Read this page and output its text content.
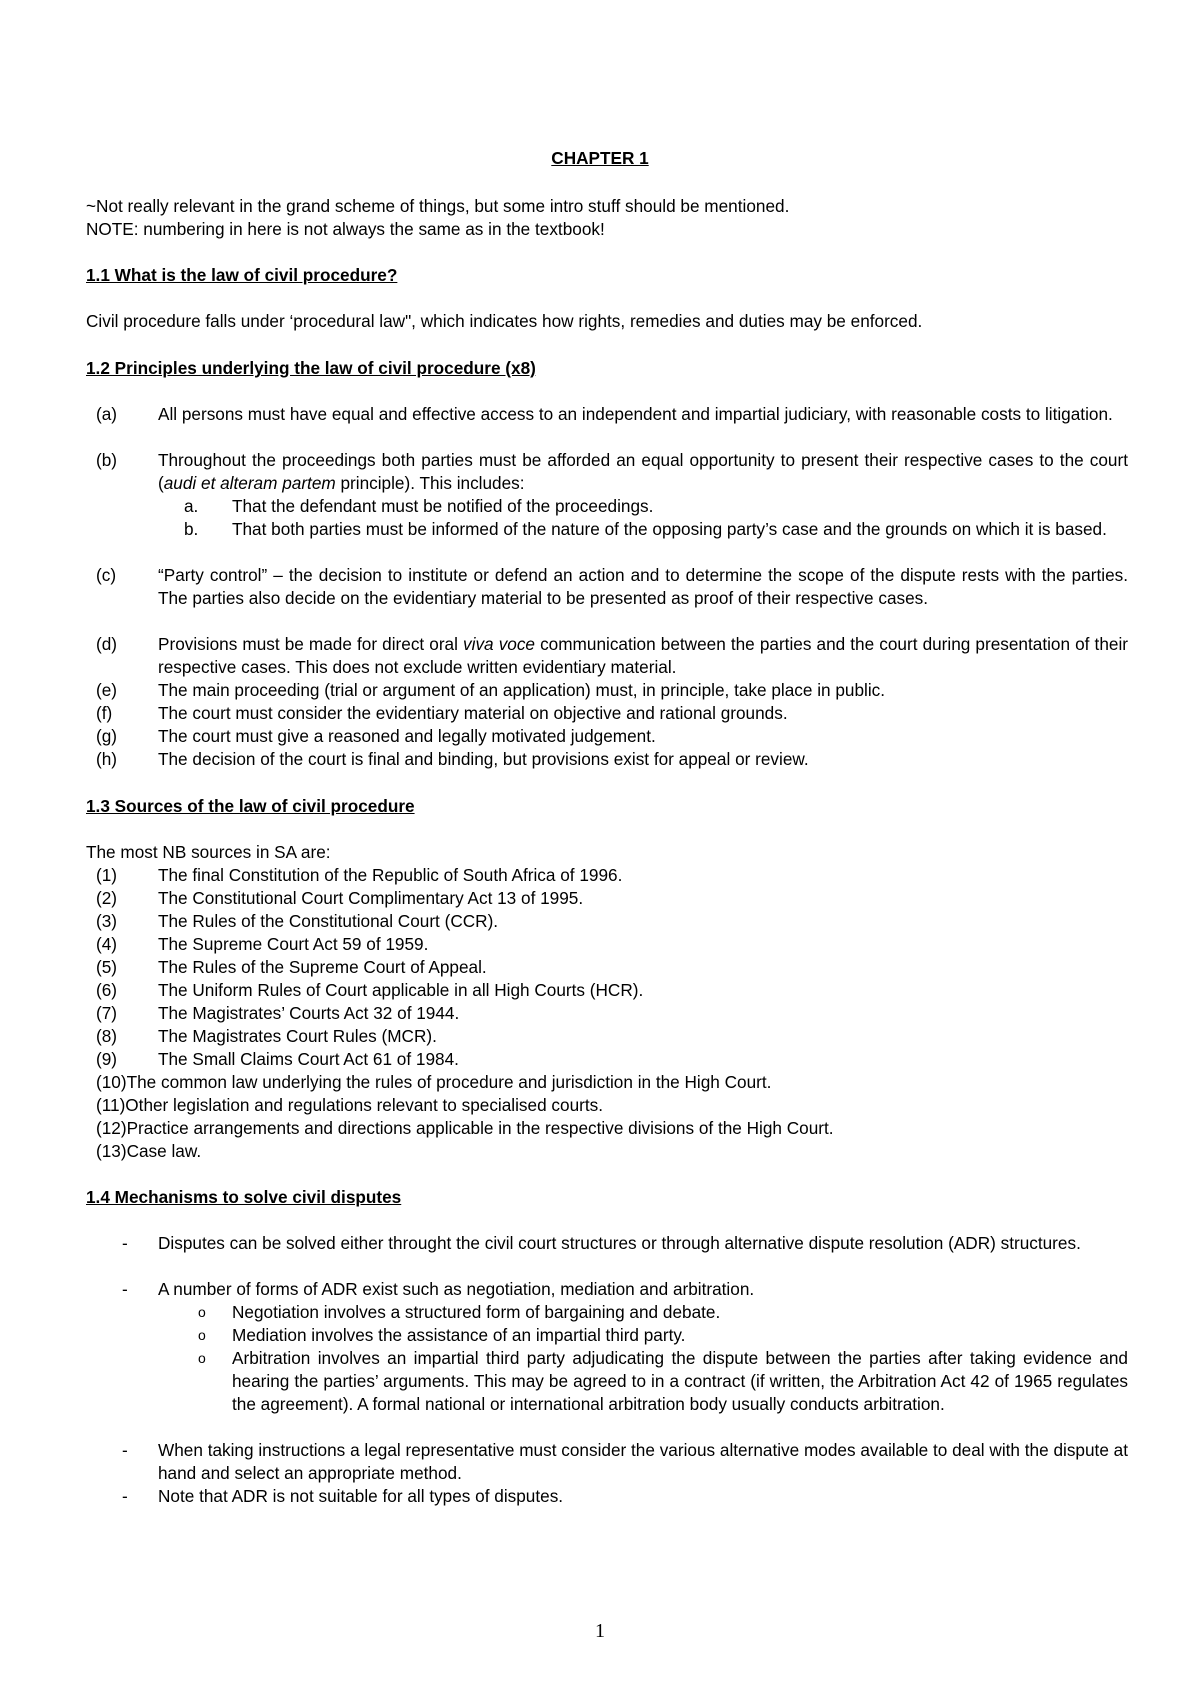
CHAPTER 1
~Not really relevant in the grand scheme of things, but some intro stuff should be mentioned.
NOTE: numbering in here is not always the same as in the textbook!
1.1 What is the law of civil procedure?
Civil procedure falls under ‘procedural law", which indicates how rights, remedies and duties may be enforced.
1.2 Principles underlying the law of civil procedure (x8)
(a) All persons must have equal and effective access to an independent and impartial judiciary, with reasonable costs to litigation.
(b) Throughout the proceedings both parties must be afforded an equal opportunity to present their respective cases to the court (audi et alteram partem principle). This includes:
a. That the defendant must be notified of the proceedings.
b. That both parties must be informed of the nature of the opposing party’s case and the grounds on which it is based.
(c) “Party control” – the decision to institute or defend an action and to determine the scope of the dispute rests with the parties. The parties also decide on the evidentiary material to be presented as proof of their respective cases.
(d) Provisions must be made for direct oral viva voce communication between the parties and the court during presentation of their respective cases. This does not exclude written evidentiary material.
(e) The main proceeding (trial or argument of an application) must, in principle, take place in public.
(f)	The court must consider the evidentiary material on objective and rational grounds.
(g) The court must give a reasoned and legally motivated judgement.
(h) The decision of the court is final and binding, but provisions exist for appeal or review.
1.3 Sources of the law of civil procedure
The most NB sources in SA are:
(1) The final Constitution of the Republic of South Africa of 1996.
(2) The Constitutional Court Complimentary Act 13 of 1995.
(3) The Rules of the Constitutional Court (CCR).
(4) The Supreme Court Act 59 of 1959.
(5) The Rules of the Supreme Court of Appeal.
(6) The Uniform Rules of Court applicable in all High Courts (HCR).
(7) The Magistrates’ Courts Act 32 of 1944.
(8) The Magistrates Court Rules (MCR).
(9) The Small Claims Court Act 61 of 1984.
(10)The common law underlying the rules of procedure and jurisdiction in the High Court.
(11)Other legislation and regulations relevant to specialised courts.
(12)Practice arrangements and directions applicable in the respective divisions of the High Court.
(13)Case law.
1.4 Mechanisms to solve civil disputes
- Disputes can be solved either throught the civil court structures or through alternative dispute resolution (ADR) structures.
- A number of forms of ADR exist such as negotiation, mediation and arbitration.
o Negotiation involves a structured form of bargaining and debate.
o Mediation involves the assistance of an impartial third party.
o Arbitration involves an impartial third party adjudicating the dispute between the parties after taking evidence and hearing the parties’ arguments. This may be agreed to in a contract (if written, the Arbitration Act 42 of 1965 regulates the agreement). A formal national or international arbitration body usually conducts arbitration.
- When taking instructions a legal representative must consider the various alternative modes available to deal with the dispute at hand and select an appropriate method.
- Note that ADR is not suitable for all types of disputes.
1
